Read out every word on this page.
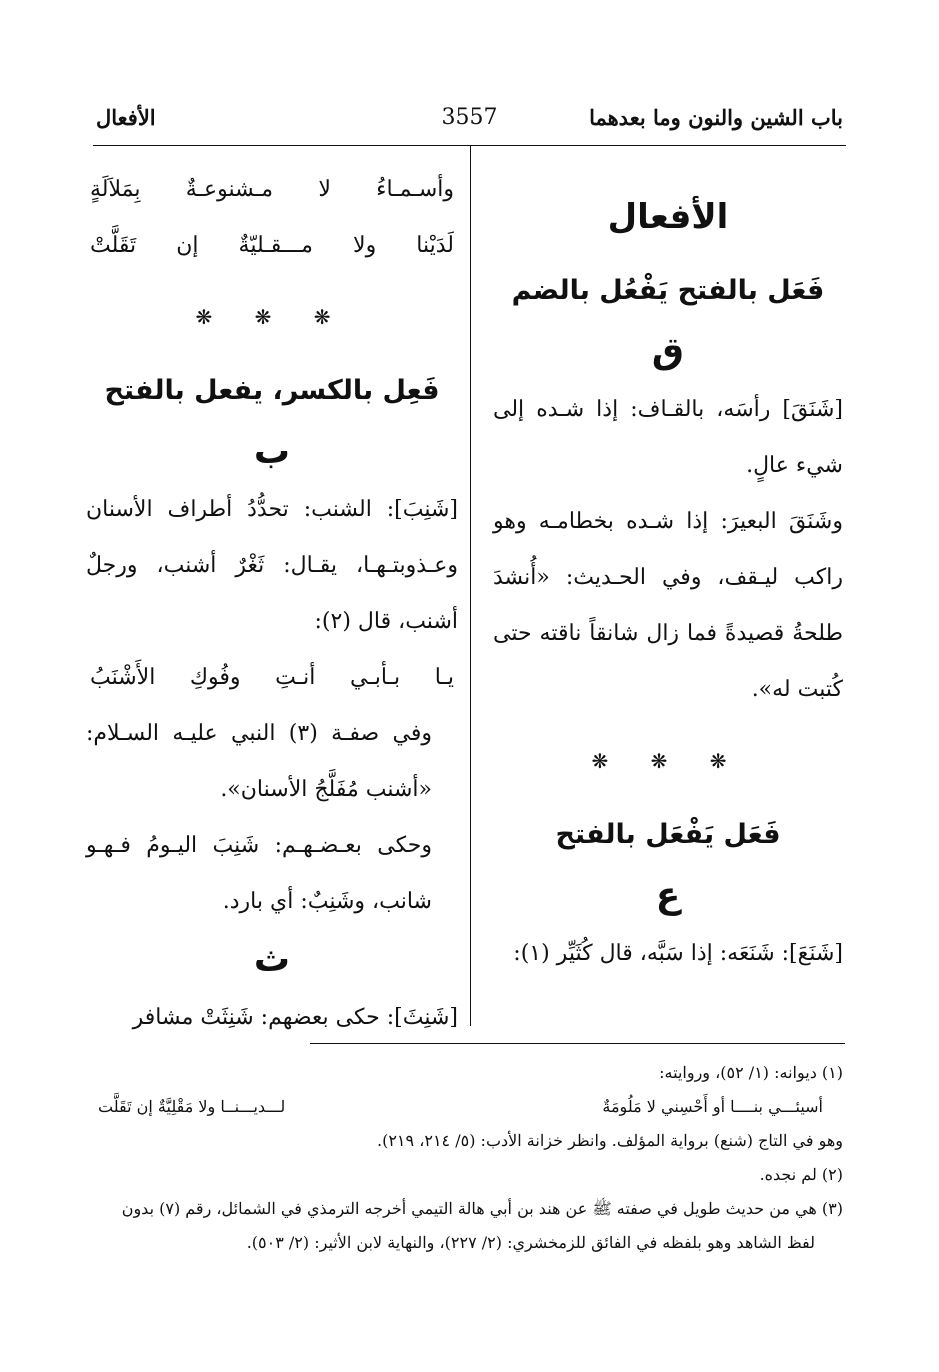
باب الشين والنون وما بعدهما
3557
الأفعال
الأفعال
فَعَل بالفتح يَفْعُل بالضم
ق

[شَنَقَ] رأسَه، بالقـاف: إذا شـده إلى شيء عالٍ.

وشَنَقَ البعيرَ: إذا شـده بخطامـه وهو راكب ليـقف، وفي الحـديث: «أُنشدَ طلحةُ قصيدةً فما زال شانقاً ناقته حتى كُتبت له».

❋ ❋ ❋
فَعَل يَفْعَل بالفتح
ع

[شَنَعَ]: شَنَعَه: إذا سَبَّه، قال كُثَيِّر (١):

وأسـمـاءُ لا مـشنوعـةٌ بِمَلاَلَةٍ
لَدَيْنا ولا مـــقـليّةٌ إن تَقَلَّتْ
❋ ❋ ❋
فَعِل بالكسر، يفعل بالفتح
ب

[شَنِبَ]: الشنب: تحدُّدُ أطراف الأسنان وعـذوبتـهـا، يقـال: ثَغْرٌ أشنب، ورجلٌ أشنب، قال (٢):

يـا بـأبـي أنـتِ وفُوكِ الأَشْنَبُ

وفي صفـة (٣) النبي عليـه السـلام: «أشنب مُفَلَّجُ الأسنان».

وحكى بعـضـهـم: شَنِبَ اليـومُ فـهـو شانب، وشَنِبٌ: أي بارد.

ث

[شَنِثَ]: حكى بعضهم: شَنِثَتْ مشافر

(١) ديوانه: (١/ ٥٢)، وروايته:
أسيئـــي بنــــا أو أَحْسِني لا مَلُومَةٌ
لـــديـــنــا ولا مَقْلِيَّةٌ إن تَقَلَّت
وهو في التاج (شنع) برواية المؤلف. وانظر خزانة الأدب: (٥/ ٢١٤، ٢١٩).
(٢) لم نجده.
(٣) هي من حديث طويل في صفته ﷺ عن هند بن أبي هالة التيمي أخرجه الترمذي في الشمائل، رقم (٧) بدون
لفظ الشاهد وهو بلفظه في الفائق للزمخشري: (٢/ ٢٢٧)، والنهاية لابن الأثير: (٢/ ٥٠٣).
